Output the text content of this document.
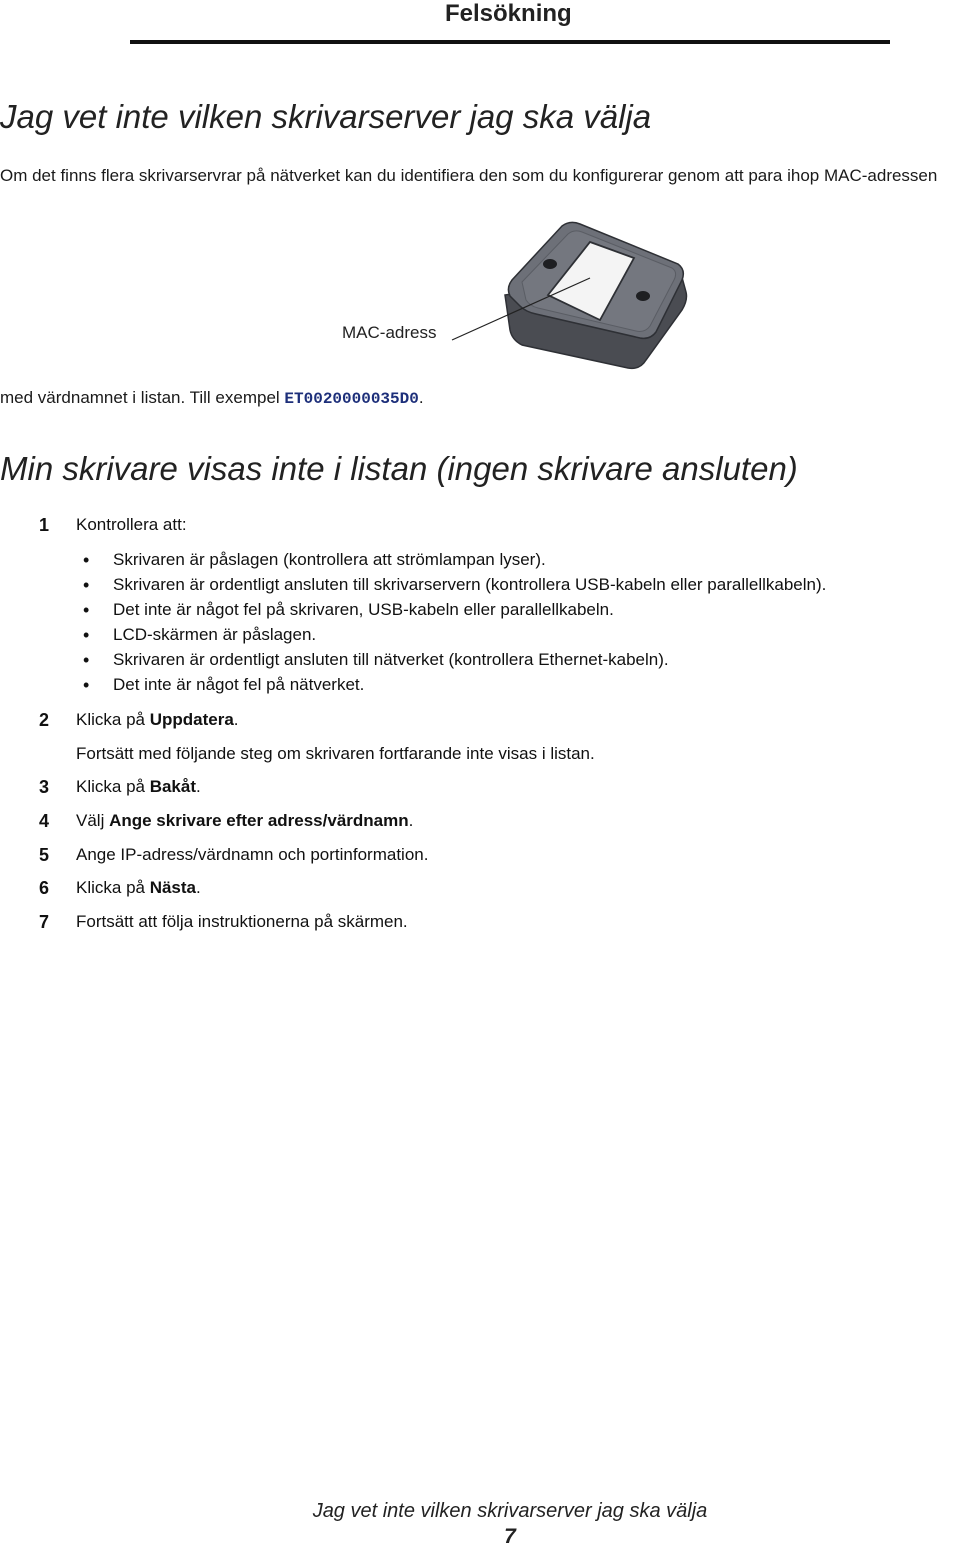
Felsökning
Jag vet inte vilken skrivarserver jag ska välja
Om det finns flera skrivarservrar på nätverket kan du identifiera den som du konfigurerar genom att para ihop MAC-adressen
MAC-adress
med värdnamnet i listan. Till exempel ET0020000035D0.
Min skrivare visas inte i listan (ingen skrivare ansluten)
1 Kontrollera att:
• Skrivaren är påslagen (kontrollera att strömlampan lyser).
• Skrivaren är ordentligt ansluten till skrivarservern (kontrollera USB-kabeln eller parallellkabeln).
• Det inte är något fel på skrivaren, USB-kabeln eller parallellkabeln.
• LCD-skärmen är påslagen.
• Skrivaren är ordentligt ansluten till nätverket (kontrollera Ethernet-kabeln).
• Det inte är något fel på nätverket.
2 Klicka på Uppdatera.
Fortsätt med följande steg om skrivaren fortfarande inte visas i listan.
3 Klicka på Bakåt.
4 Välj Ange skrivare efter adress/värdnamn.
5 Ange IP-adress/värdnamn och portinformation.
6 Klicka på Nästa.
7 Fortsätt att följa instruktionerna på skärmen.
Jag vet inte vilken skrivarserver jag ska välja
7
